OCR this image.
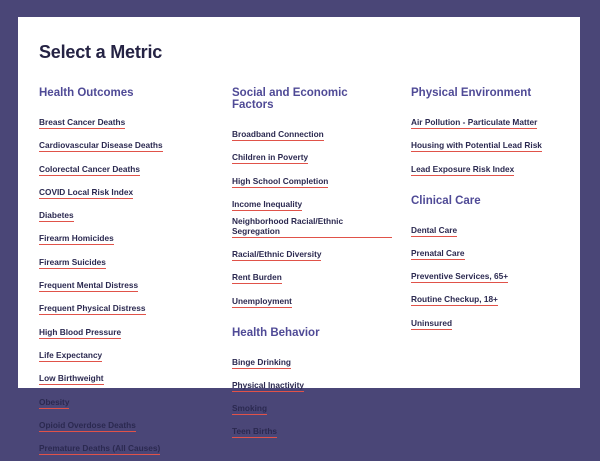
Select a Metric
Health Outcomes
Breast Cancer Deaths
Cardiovascular Disease Deaths
Colorectal Cancer Deaths
COVID Local Risk Index
Diabetes
Firearm Homicides
Firearm Suicides
Frequent Mental Distress
Frequent Physical Distress
High Blood Pressure
Life Expectancy
Low Birthweight
Obesity
Opioid Overdose Deaths
Premature Deaths (All Causes)
Social and Economic Factors
Broadband Connection
Children in Poverty
High School Completion
Income Inequality
Neighborhood Racial/Ethnic Segregation
Racial/Ethnic Diversity
Rent Burden
Unemployment
Health Behavior
Binge Drinking
Physical Inactivity
Smoking
Teen Births
Physical Environment
Air Pollution - Particulate Matter
Housing with Potential Lead Risk
Lead Exposure Risk Index
Clinical Care
Dental Care
Prenatal Care
Preventive Services, 65+
Routine Checkup, 18+
Uninsured
